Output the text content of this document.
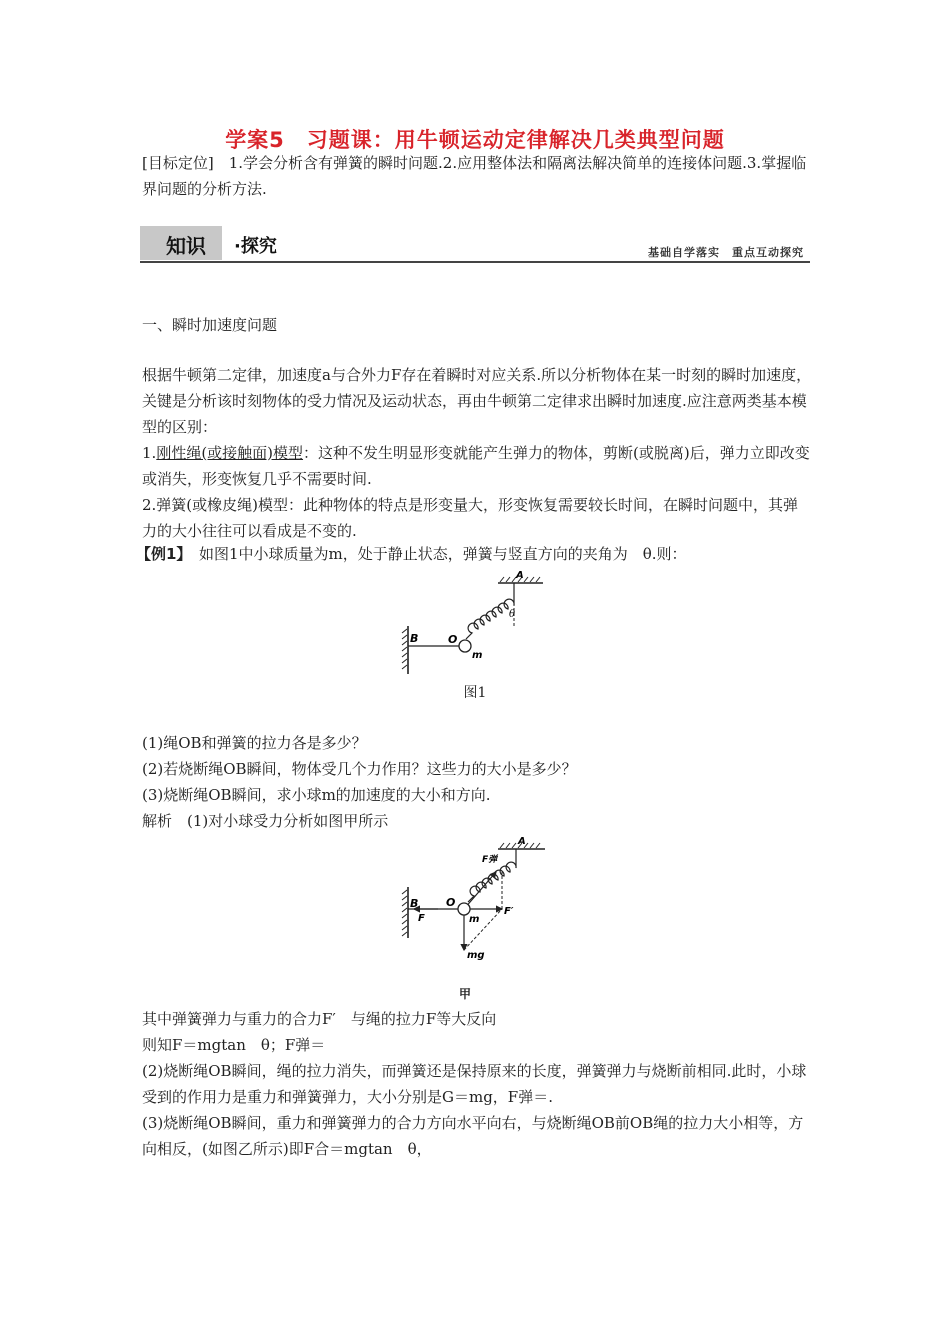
学案5　习题课：用牛顿运动定律解决几类典型问题
[目标定位]　1.学会分析含有弹簧的瞬时问题.2.应用整体法和隔离法解决简单的连接体问题.3.掌握临界问题的分析方法.
知识 ·探究	基础自学落实　重点互动探究
一、瞬时加速度问题
根据牛顿第二定律，加速度a与合外力F存在着瞬时对应关系.所以分析物体在某一时刻的瞬时加速度，关键是分析该时刻物体的受力情况及运动状态，再由牛顿第二定律求出瞬时加速度.应注意两类基本模型的区别：
1.刚性绳(或接触面)模型：这种不发生明显形变就能产生弹力的物体，剪断(或脱离)后，弹力立即改变或消失，形变恢复几乎不需要时间.
2.弹簧(或橡皮绳)模型：此种物体的特点是形变量大，形变恢复需要较长时间，在瞬时问题中，其弹力的大小往往可以看成是不变的.
【例1】　如图1中小球质量为m，处于静止状态，弹簧与竖直方向的夹角为　θ.则：
A
B	O
m
θ
图1
(1)绳OB和弹簧的拉力各是多少？
(2)若烧断绳OB瞬间，物体受几个力作用？这些力的大小是多少？
(3)烧断绳OB瞬间，求小球m的加速度的大小和方向.
解析　(1)对小球受力分析如图甲所示
A
B
F
O
m
F′
F弹
mg
甲
其中弹簧弹力与重力的合力F′　与绳的拉力F等大反向
则知F＝mgtan　θ；F弹＝
(2)烧断绳OB瞬间，绳的拉力消失，而弹簧还是保持原来的长度，弹簧弹力与烧断前相同.此时，小球受到的作用力是重力和弹簧弹力，大小分别是G＝mg，F弹＝.
(3)烧断绳OB瞬间，重力和弹簧弹力的合力方向水平向右，与烧断绳OB前OB绳的拉力大小相等，方向相反，(如图乙所示)即F合＝mgtan　θ，
